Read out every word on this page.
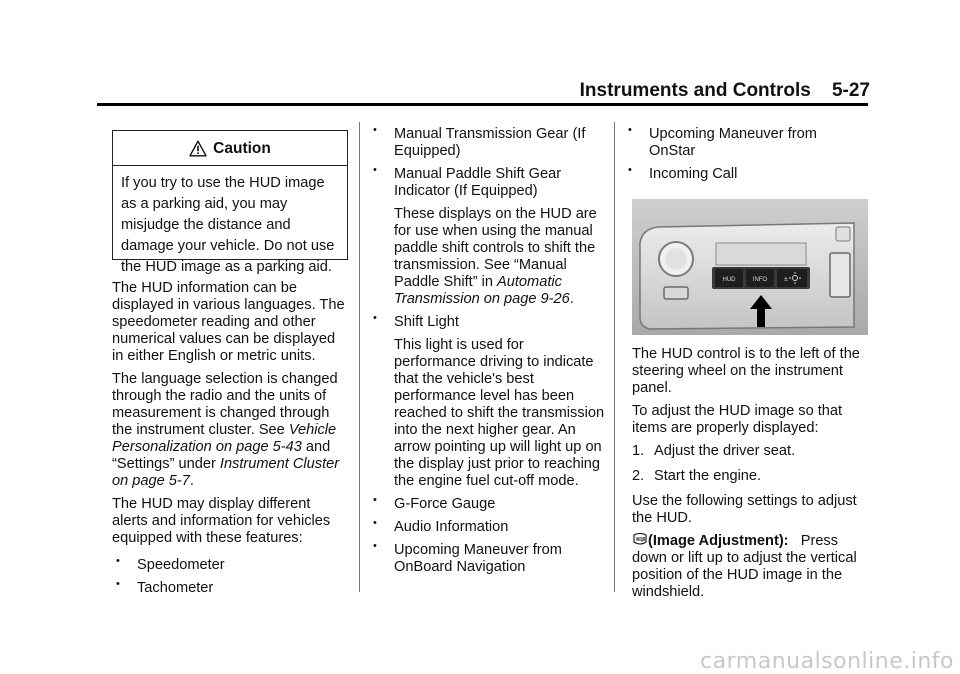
Instruments and Controls 5-27
Caution
If you try to use the HUD image
as a parking aid, you may
misjudge the distance and
damage your vehicle. Do not use
the HUD image as a parking aid.

The HUD information can be
displayed in various languages. The
speedometer reading and other
numerical values can be displayed
in either English or metric units.

The language selection is changed
through the radio and the units of
measurement is changed through
the instrument cluster. See Vehicle
Personalization on page 5-43 and
“Settings” under Instrument Cluster
on page 5-7.

The HUD may display different
alerts and information for vehicles
equipped with these features:

• Speedometer
• Tachometer
• Manual Transmission Gear (If
Equipped)
• Manual Paddle Shift Gear
Indicator (If Equipped)
These displays on the HUD are
for use when using the manual
paddle shift controls to shift the
transmission. See “Manual
Paddle Shift” in Automatic
Transmission on page 9-26.
• Shift Light
This light is used for
performance driving to indicate
that the vehicle's best
performance level has been
reached to shift the transmission
into the next higher gear. An
arrow pointing up will light up on
the display just prior to reaching
the engine fuel cut-off mode.
• G-Force Gauge
• Audio Information
• Upcoming Maneuver from
OnBoard Navigation
• Upcoming Maneuver from
OnStar
• Incoming Call
HUD	INFO ±

The HUD control is to the left of the
steering wheel on the instrument
panel.

To adjust the HUD image so that
items are properly displayed:

1. Adjust the driver seat.
2. Start the engine.

Use the following settings to adjust
the HUD.

(Image Adjustment): Press
down or lift up to adjust the vertical
position of the HUD image in the
windshield.

carmanualsonline.info
